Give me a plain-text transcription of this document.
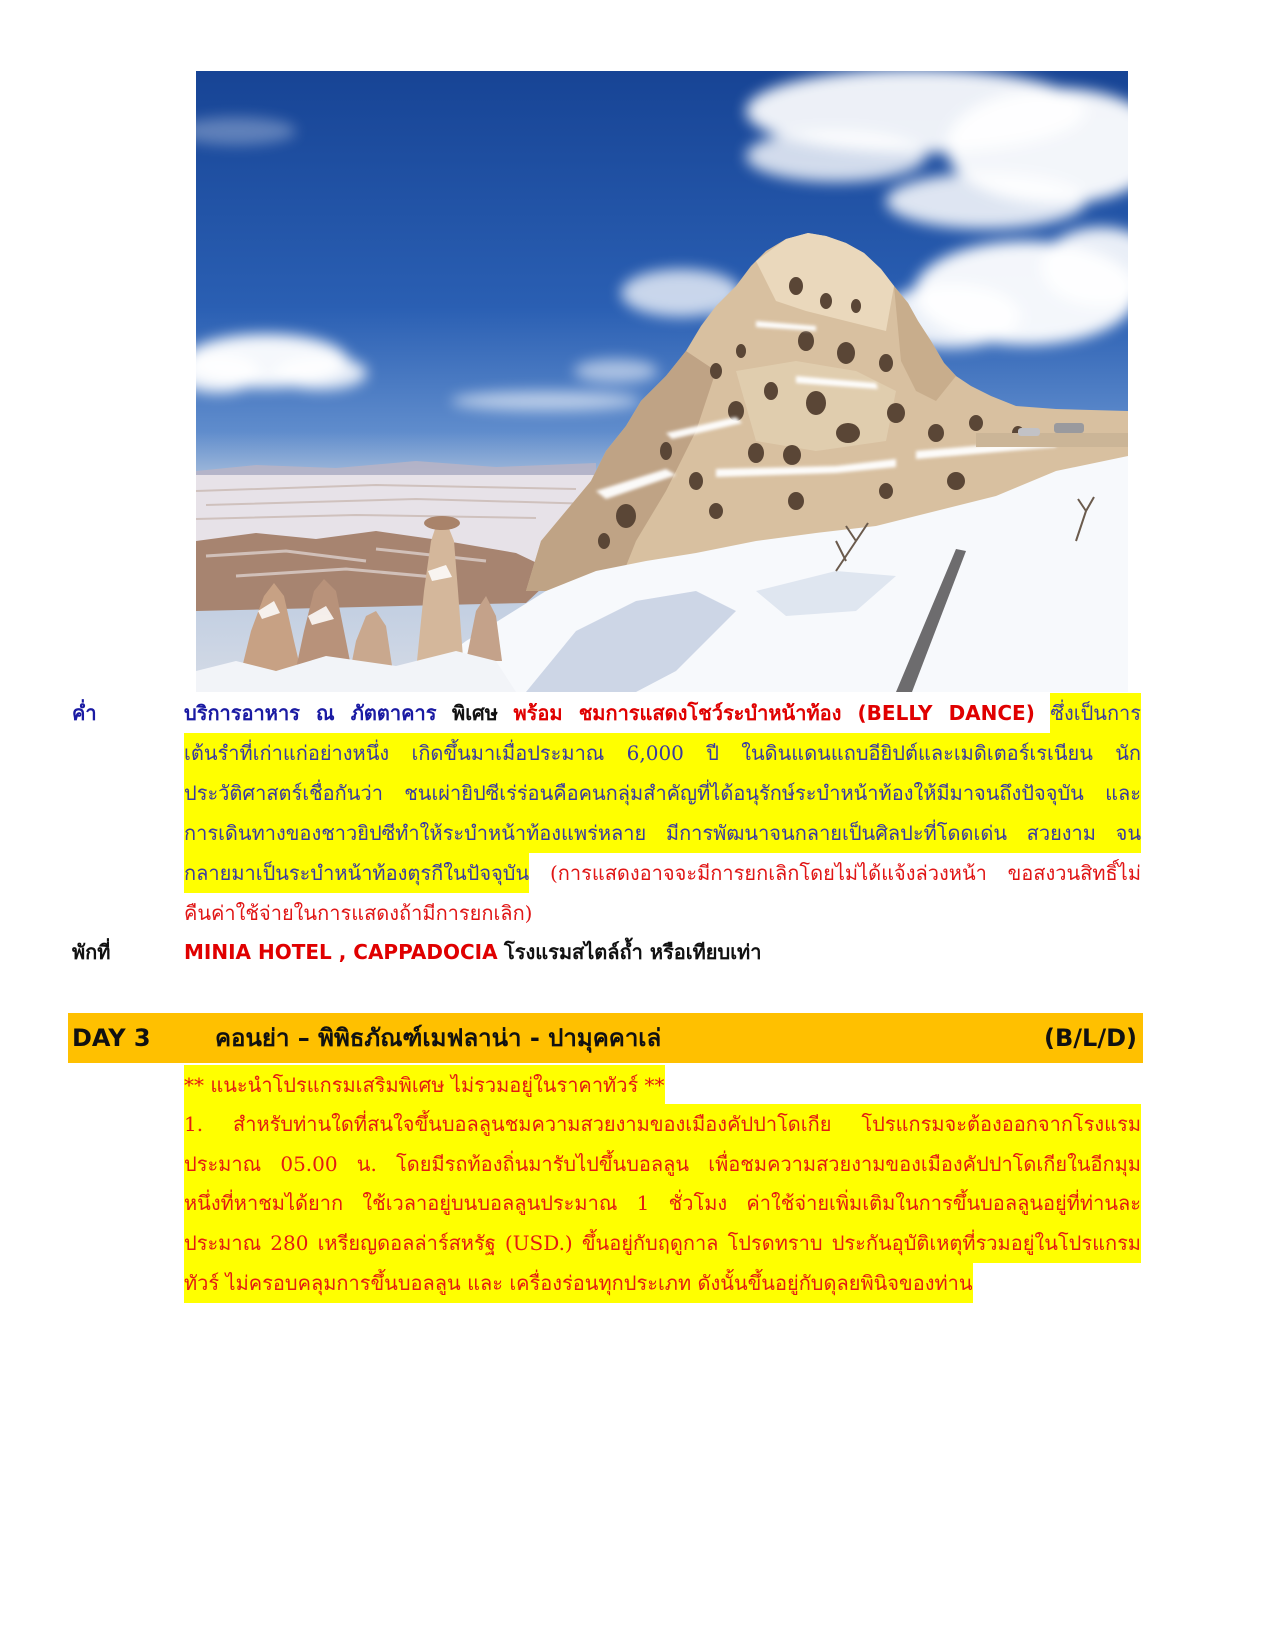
ค่ำ	บริการอาหาร ณ ภัตตาคาร พิเศษ พร้อม ชมการแสดงโชว์ระบำหน้าท้อง (BELLY DANCE) ซึ่งเป็นการ
เต้นรำที่เก่าแก่อย่างหนึ่ง เกิดขึ้นมาเมื่อประมาณ 6,000 ปี ในดินแดนแถบอียิปต์และเมดิเตอร์เรเนียน นัก
ประวัติศาสตร์เชื่อกันว่า ชนเผ่ายิปซีเร่ร่อนคือคนกลุ่มสำคัญที่ได้อนุรักษ์ระบำหน้าท้องให้มีมาจนถึงปัจจุบัน และ
การเดินทางของชาวยิปซีทำให้ระบำหน้าท้องแพร่หลาย มีการพัฒนาจนกลายเป็นศิลปะที่โดดเด่น สวยงาม จน
กลายมาเป็นระบำหน้าท้องตุรกีในปัจจุบัน (การแสดงอาจจะมีการยกเลิกโดยไม่ได้แจ้งล่วงหน้า ขอสงวนสิทธิ์ไม่
คืนค่าใช้จ่ายในการแสดงถ้ามีการยกเลิก)
พักที่	MINIA HOTEL , CAPPADOCIA โรงแรมสไตล์ถ้ำ หรือเทียบเท่า
DAY 3	คอนย่า – พิพิธภัณฑ์เมฟลาน่า - ปามุคคาเล่	(B/L/D)
** แนะนำโปรแกรมเสริมพิเศษ ไม่รวมอยู่ในราคาทัวร์ **
1. สำหรับท่านใดที่สนใจขึ้นบอลลูนชมความสวยงามของเมืองคัปปาโดเกีย โปรแกรมจะต้องออกจากโรงแรม
ประมาณ 05.00 น. โดยมีรถท้องถิ่นมารับไปขึ้นบอลลูน เพื่อชมความสวยงามของเมืองคัปปาโดเกียในอีกมุม
หนึ่งที่หาชมได้ยาก ใช้เวลาอยู่บนบอลลูนประมาณ 1 ชั่วโมง ค่าใช้จ่ายเพิ่มเติมในการขึ้นบอลลูนอยู่ที่ท่านละ
ประมาณ 280 เหรียญดอลล่าร์สหรัฐ (USD.) ขึ้นอยู่กับฤดูกาล โปรดทราบ ประกันอุบัติเหตุที่รวมอยู่ในโปรแกรม
ทัวร์ ไม่ครอบคลุมการขึ้นบอลลูน และ เครื่องร่อนทุกประเภท ดังนั้นขึ้นอยู่กับดุลยพินิจของท่าน
